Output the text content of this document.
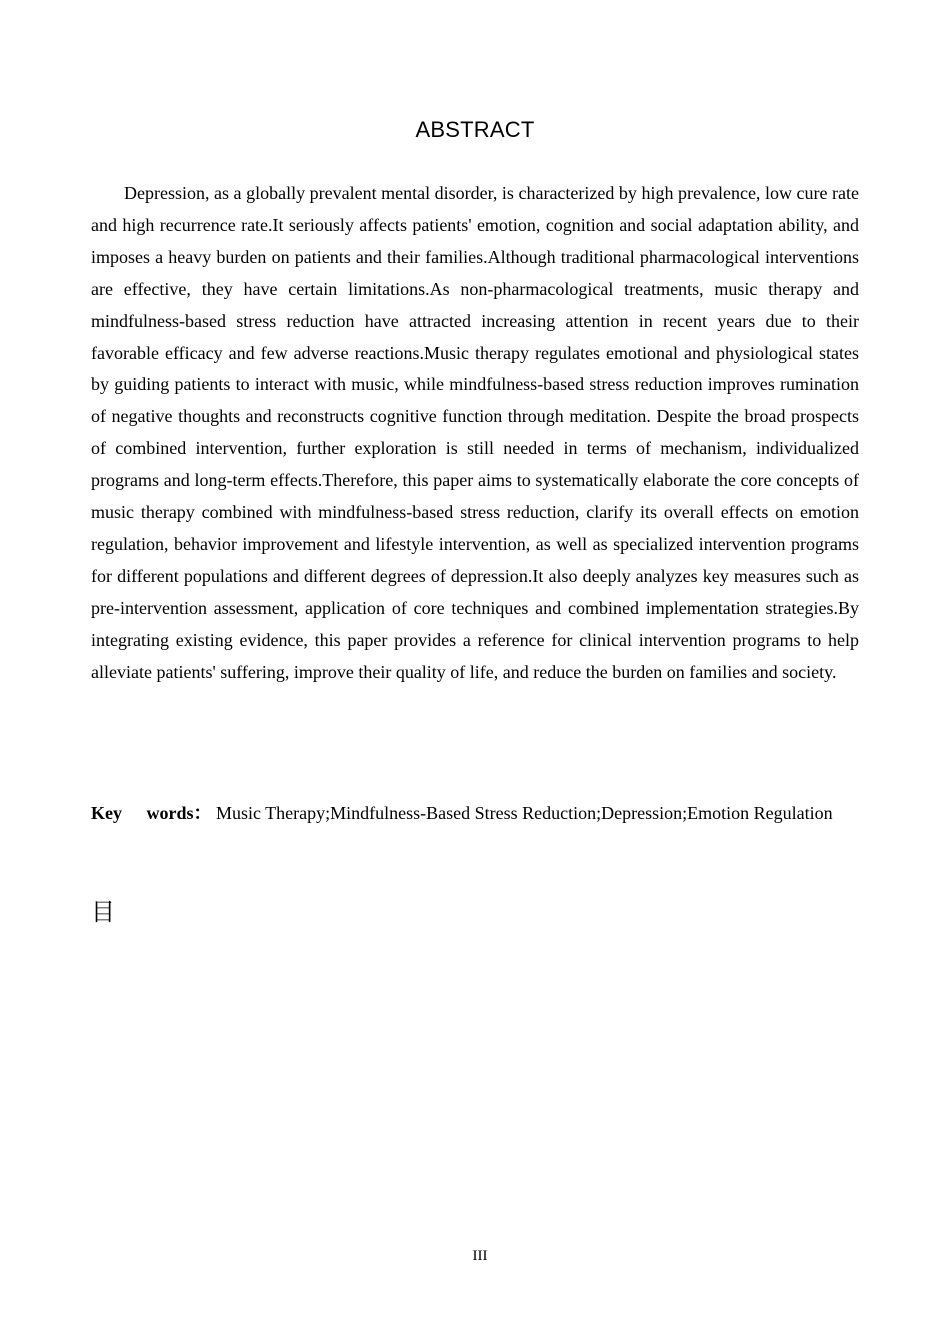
ABSTRACT

Depression, as a globally prevalent mental disorder, is characterized by high prevalence, low cure rate and high recurrence rate.It seriously affects patients' emotion, cognition and social adaptation ability, and imposes a heavy burden on patients and their families.Although traditional pharmacological interventions are effective, they have certain limitations.As non-pharmacological treatments, music therapy and mindfulness-based stress reduction have attracted increasing attention in recent years due to their favorable efficacy and few adverse reactions.Music therapy regulates emotional and physiological states by guiding patients to interact with music, while mindfulness-based stress reduction improves rumination of negative thoughts and reconstructs cognitive function through meditation. Despite the broad prospects of combined intervention, further exploration is still needed in terms of mechanism, individualized programs and long-term effects.Therefore, this paper aims to systematically elaborate the core concepts of music therapy combined with mindfulness-based stress reduction, clarify its overall effects on emotion regulation, behavior improvement and lifestyle intervention, as well as specialized intervention programs for different populations and different degrees of depression.It also deeply analyzes key measures such as pre-intervention assessment, application of core techniques and combined implementation strategies.By integrating existing evidence, this paper provides a reference for clinical intervention programs to help alleviate patients' suffering, improve their quality of life, and reduce the burden on families and society.

Key words： Music Therapy;Mindfulness-Based Stress Reduction;Depression;Emotion Regulation

目
III
